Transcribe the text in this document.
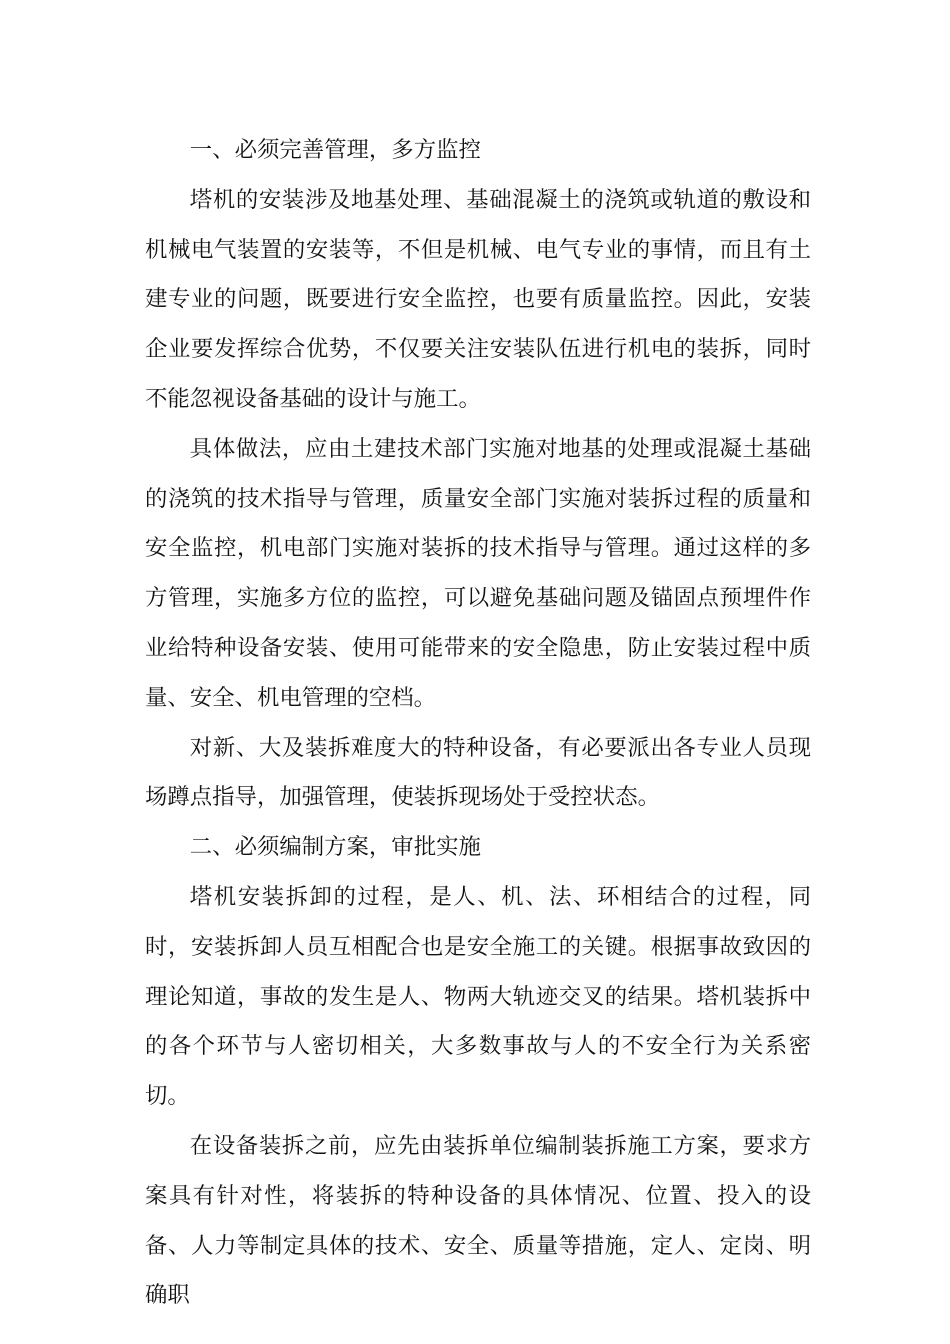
一、必须完善管理，多方监控

塔机的安装涉及地基处理、基础混凝土的浇筑或轨道的敷设和机械电气装置的安装等，不但是机械、电气专业的事情，而且有土建专业的问题，既要进行安全监控，也要有质量监控。因此，安装企业要发挥综合优势，不仅要关注安装队伍进行机电的装拆，同时不能忽视设备基础的设计与施工。

具体做法，应由土建技术部门实施对地基的处理或混凝土基础的浇筑的技术指导与管理，质量安全部门实施对装拆过程的质量和安全监控，机电部门实施对装拆的技术指导与管理。通过这样的多方管理，实施多方位的监控，可以避免基础问题及锚固点预埋件作业给特种设备安装、使用可能带来的安全隐患，防止安装过程中质量、安全、机电管理的空档。

对新、大及装拆难度大的特种设备，有必要派出各专业人员现场蹲点指导，加强管理，使装拆现场处于受控状态。

二、必须编制方案，审批实施

塔机安装拆卸的过程，是人、机、法、环相结合的过程，同时，安装拆卸人员互相配合也是安全施工的关键。根据事故致因的理论知道，事故的发生是人、物两大轨迹交叉的结果。塔机装拆中的各个环节与人密切相关，大多数事故与人的不安全行为关系密切。

在设备装拆之前，应先由装拆单位编制装拆施工方案，要求方案具有针对性，将装拆的特种设备的具体情况、位置、投入的设备、人力等制定具体的技术、安全、质量等措施，定人、定岗、明确职
